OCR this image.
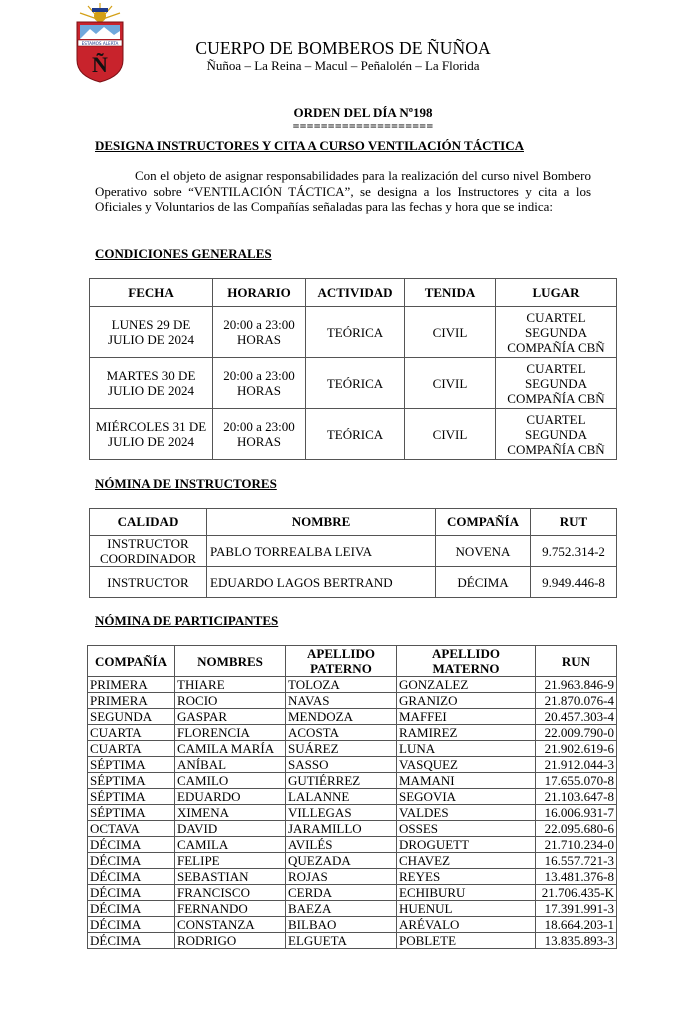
ESTAMOS ALERTA
Ñ
CUERPO DE BOMBEROS DE ÑUÑOA
Ñuñoa – La Reina – Macul – Peñalolén – La Florida
ORDEN DEL DÍA Nº198
====================
DESIGNA INSTRUCTORES Y CITA A CURSO VENTILACIÓN TÁCTICA

Con el objeto de asignar responsabilidades para la realización del curso nivel Bombero Operativo sobre “VENTILACIÓN TÁCTICA”, se designa a los Instructores y cita a los Oficiales y Voluntarios de las Compañías señaladas para las fechas y hora que se indica:

CONDICIONES GENERALES
FECHA	HORARIO	ACTIVIDAD	TENIDA	LUGAR
LUNES 29 DE JULIO DE 2024	20:00 a 23:00 HORAS	TEÓRICA	CIVIL	CUARTEL SEGUNDA COMPAÑÍA CBÑ
MARTES 30 DE JULIO DE 2024	20:00 a 23:00 HORAS	TEÓRICA	CIVIL	CUARTEL SEGUNDA COMPAÑÍA CBÑ
MIÉRCOLES 31 DE JULIO DE 2024	20:00 a 23:00 HORAS	TEÓRICA	CIVIL	CUARTEL SEGUNDA COMPAÑÍA CBÑ
NÓMINA DE INSTRUCTORES
CALIDAD	NOMBRE	COMPAÑÍA	RUT
INSTRUCTOR COORDINADOR	PABLO TORREALBA LEIVA	NOVENA	9.752.314-2
INSTRUCTOR	EDUARDO LAGOS BERTRAND	DÉCIMA	9.949.446-8
NÓMINA DE PARTICIPANTES
COMPAÑÍA	NOMBRES	APELLIDO PATERNO	APELLIDO MATERNO	RUN
PRIMERA	THIARE	TOLOZA	GONZALEZ	21.963.846-9
PRIMERA	ROCIO	NAVAS	GRANIZO	21.870.076-4
SEGUNDA	GASPAR	MENDOZA	MAFFEI	20.457.303-4
CUARTA	FLORENCIA	ACOSTA	RAMIREZ	22.009.790-0
CUARTA	CAMILA MARÍA	SUÁREZ	LUNA	21.902.619-6
SÉPTIMA	ANÍBAL	SASSO	VASQUEZ	21.912.044-3
SÉPTIMA	CAMILO	GUTIÉRREZ	MAMANI	17.655.070-8
SÉPTIMA	EDUARDO	LALANNE	SEGOVIA	21.103.647-8
SÉPTIMA	XIMENA	VILLEGAS	VALDES	16.006.931-7
OCTAVA	DAVID	JARAMILLO	OSSES	22.095.680-6
DÉCIMA	CAMILA	AVILÉS	DROGUETT	21.710.234-0
DÉCIMA	FELIPE	QUEZADA	CHAVEZ	16.557.721-3
DÉCIMA	SEBASTIAN	ROJAS	REYES	13.481.376-8
DÉCIMA	FRANCISCO	CERDA	ECHIBURU	21.706.435-K
DÉCIMA	FERNANDO	BAEZA	HUENUL	17.391.991-3
DÉCIMA	CONSTANZA	BILBAO	ARÉVALO	18.664.203-1
DÉCIMA	RODRIGO	ELGUETA	POBLETE	13.835.893-3
